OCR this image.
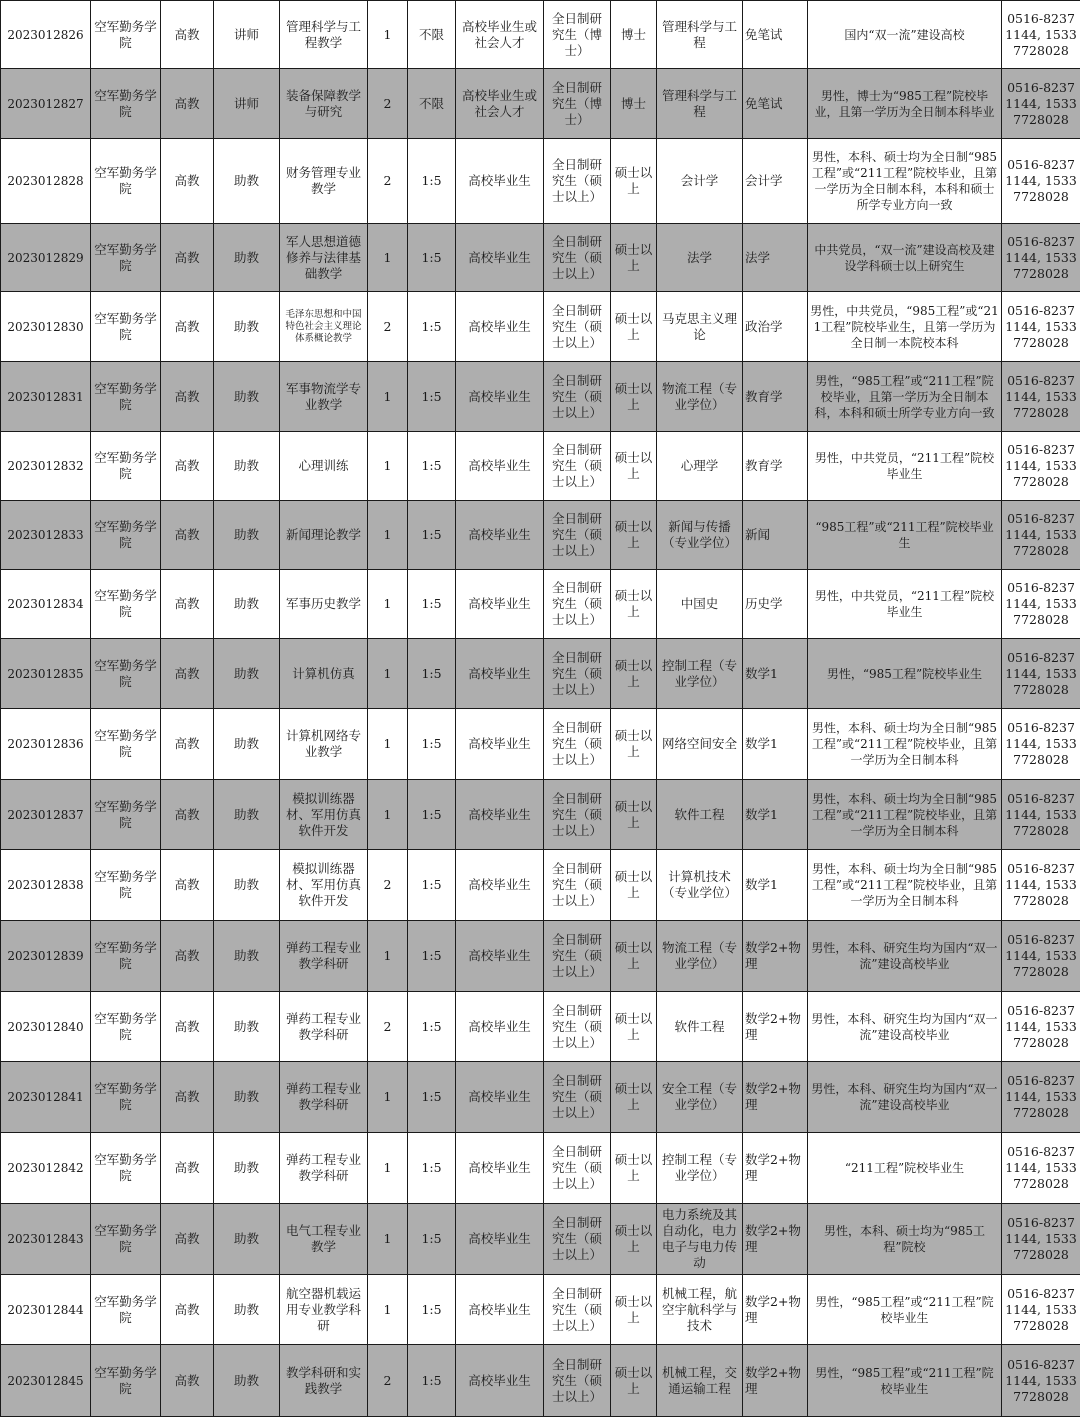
2023012826	空军勤务学院	高教	讲师	管理科学与工程教学	1	不限	高校毕业生或社会人才	全日制研究生（博士）	博士	管理科学与工程	免笔试	国内“双一流”建设高校	0516-82371144, 15337728028
2023012827	空军勤务学院	高教	讲师	装备保障教学与研究	2	不限	高校毕业生或社会人才	全日制研究生（博士）	博士	管理科学与工程	免笔试	男性，博士为“985工程”院校毕业，且第一学历为全日制本科毕业	0516-82371144, 15337728028
2023012828	空军勤务学院	高教	助教	财务管理专业教学	2	1:5	高校毕业生	全日制研究生（硕士以上）	硕士以上	会计学	会计学	男性，本科、硕士均为全日制“985工程”或“211工程”院校毕业，且第一学历为全日制本科，本科和硕士所学专业方向一致	0516-82371144, 15337728028
2023012829	空军勤务学院	高教	助教	军人思想道德修养与法律基础教学	1	1:5	高校毕业生	全日制研究生（硕士以上）	硕士以上	法学	法学	中共党员，“双一流”建设高校及建设学科硕士以上研究生	0516-82371144, 15337728028
2023012830	空军勤务学院	高教	助教	毛泽东思想和中国特色社会主义理论体系概论教学	2	1:5	高校毕业生	全日制研究生（硕士以上）	硕士以上	马克思主义理论	政治学	男性，中共党员，“985工程”或“211工程”院校毕业生，且第一学历为全日制一本院校本科	0516-82371144, 15337728028
2023012831	空军勤务学院	高教	助教	军事物流学专业教学	1	1:5	高校毕业生	全日制研究生（硕士以上）	硕士以上	物流工程（专业学位）	教育学	男性，“985工程”或“211工程”院校毕业，且第一学历为全日制本科，本科和硕士所学专业方向一致	0516-82371144, 15337728028
2023012832	空军勤务学院	高教	助教	心理训练	1	1:5	高校毕业生	全日制研究生（硕士以上）	硕士以上	心理学	教育学	男性，中共党员，“211工程”院校毕业生	0516-82371144, 15337728028
2023012833	空军勤务学院	高教	助教	新闻理论教学	1	1:5	高校毕业生	全日制研究生（硕士以上）	硕士以上	新闻与传播（专业学位）	新闻	“985工程”或“211工程”院校毕业生	0516-82371144, 15337728028
2023012834	空军勤务学院	高教	助教	军事历史教学	1	1:5	高校毕业生	全日制研究生（硕士以上）	硕士以上	中国史	历史学	男性，中共党员，“211工程”院校毕业生	0516-82371144, 15337728028
2023012835	空军勤务学院	高教	助教	计算机仿真	1	1:5	高校毕业生	全日制研究生（硕士以上）	硕士以上	控制工程（专业学位）	数学1	男性，“985工程”院校毕业生	0516-82371144, 15337728028
2023012836	空军勤务学院	高教	助教	计算机网络专业教学	1	1:5	高校毕业生	全日制研究生（硕士以上）	硕士以上	网络空间安全	数学1	男性，本科、硕士均为全日制“985工程”或“211工程”院校毕业，且第一学历为全日制本科	0516-82371144, 15337728028
2023012837	空军勤务学院	高教	助教	模拟训练器材、军用仿真软件开发	1	1:5	高校毕业生	全日制研究生（硕士以上）	硕士以上	软件工程	数学1	男性，本科、硕士均为全日制“985工程”或“211工程”院校毕业，且第一学历为全日制本科	0516-82371144, 15337728028
2023012838	空军勤务学院	高教	助教	模拟训练器材、军用仿真软件开发	2	1:5	高校毕业生	全日制研究生（硕士以上）	硕士以上	计算机技术（专业学位）	数学1	男性，本科、硕士均为全日制“985工程”或“211工程”院校毕业，且第一学历为全日制本科	0516-82371144, 15337728028
2023012839	空军勤务学院	高教	助教	弹药工程专业教学科研	1	1:5	高校毕业生	全日制研究生（硕士以上）	硕士以上	物流工程（专业学位）	数学2+物理	男性，本科、研究生均为国内“双一流”建设高校毕业	0516-82371144, 15337728028
2023012840	空军勤务学院	高教	助教	弹药工程专业教学科研	2	1:5	高校毕业生	全日制研究生（硕士以上）	硕士以上	软件工程	数学2+物理	男性，本科、研究生均为国内“双一流”建设高校毕业	0516-82371144, 15337728028
2023012841	空军勤务学院	高教	助教	弹药工程专业教学科研	1	1:5	高校毕业生	全日制研究生（硕士以上）	硕士以上	安全工程（专业学位）	数学2+物理	男性，本科、研究生均为国内“双一流”建设高校毕业	0516-82371144, 15337728028
2023012842	空军勤务学院	高教	助教	弹药工程专业教学科研	1	1:5	高校毕业生	全日制研究生（硕士以上）	硕士以上	控制工程（专业学位）	数学2+物理	“211工程”院校毕业生	0516-82371144, 15337728028
2023012843	空军勤务学院	高教	助教	电气工程专业教学	1	1:5	高校毕业生	全日制研究生（硕士以上）	硕士以上	电力系统及其自动化，电力电子与电力传动	数学2+物理	男性，本科、硕士均为“985工程”院校	0516-82371144, 15337728028
2023012844	空军勤务学院	高教	助教	航空器机载运用专业教学科研	1	1:5	高校毕业生	全日制研究生（硕士以上）	硕士以上	机械工程，航空宇航科学与技术	数学2+物理	男性，“985工程”或“211工程”院校毕业生	0516-82371144, 15337728028
2023012845	空军勤务学院	高教	助教	教学科研和实践教学	2	1:5	高校毕业生	全日制研究生（硕士以上）	硕士以上	机械工程，交通运输工程	数学2+物理	男性，“985工程”或“211工程”院校毕业生	0516-82371144, 15337728028
